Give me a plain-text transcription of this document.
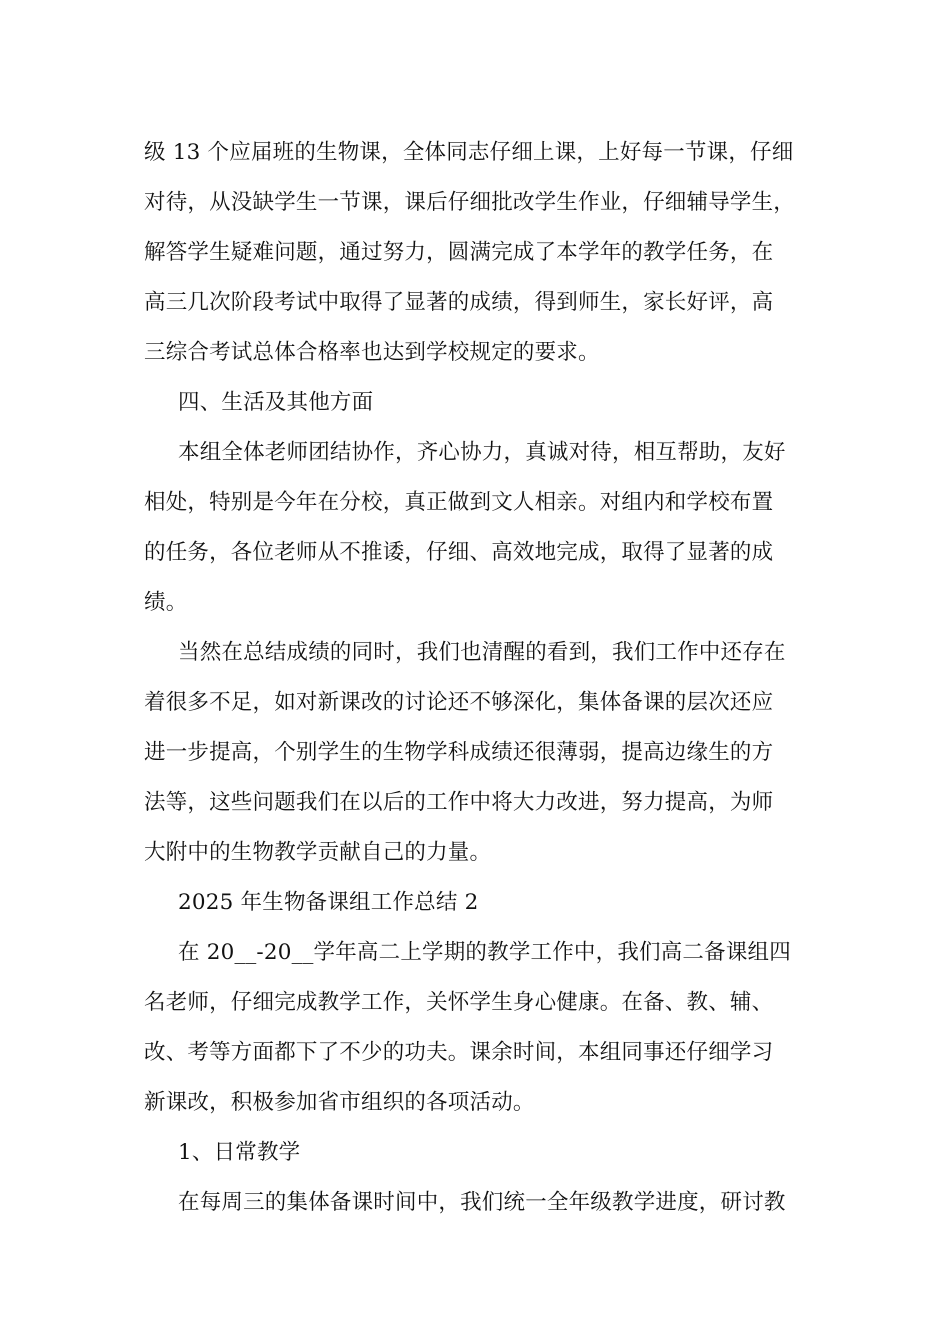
级 13 个应届班的生物课，全体同志仔细上课，上好每一节课，仔细
对待，从没缺学生一节课，课后仔细批改学生作业，仔细辅导学生，
解答学生疑难问题，通过努力，圆满完成了本学年的教学任务，在
高三几次阶段考试中取得了显著的成绩，得到师生，家长好评，高
三综合考试总体合格率也达到学校规定的要求。

四、生活及其他方面

本组全体老师团结协作，齐心协力，真诚对待，相互帮助，友好
相处，特别是今年在分校，真正做到文人相亲。对组内和学校布置
的任务，各位老师从不推诿，仔细、高效地完成，取得了显著的成
绩。

当然在总结成绩的同时，我们也清醒的看到，我们工作中还存在
着很多不足，如对新课改的讨论还不够深化，集体备课的层次还应
进一步提高，个别学生的生物学科成绩还很薄弱，提高边缘生的方
法等，这些问题我们在以后的工作中将大力改进，努力提高，为师
大附中的生物教学贡献自己的力量。

2025 年生物备课组工作总结 2

在 20__-20__学年高二上学期的教学工作中，我们高二备课组四
名老师，仔细完成教学工作，关怀学生身心健康。在备、教、辅、
改、考等方面都下了不少的功夫。课余时间，本组同事还仔细学习
新课改，积极参加省市组织的各项活动。

1、日常教学

在每周三的集体备课时间中，我们统一全年级教学进度，研讨教
